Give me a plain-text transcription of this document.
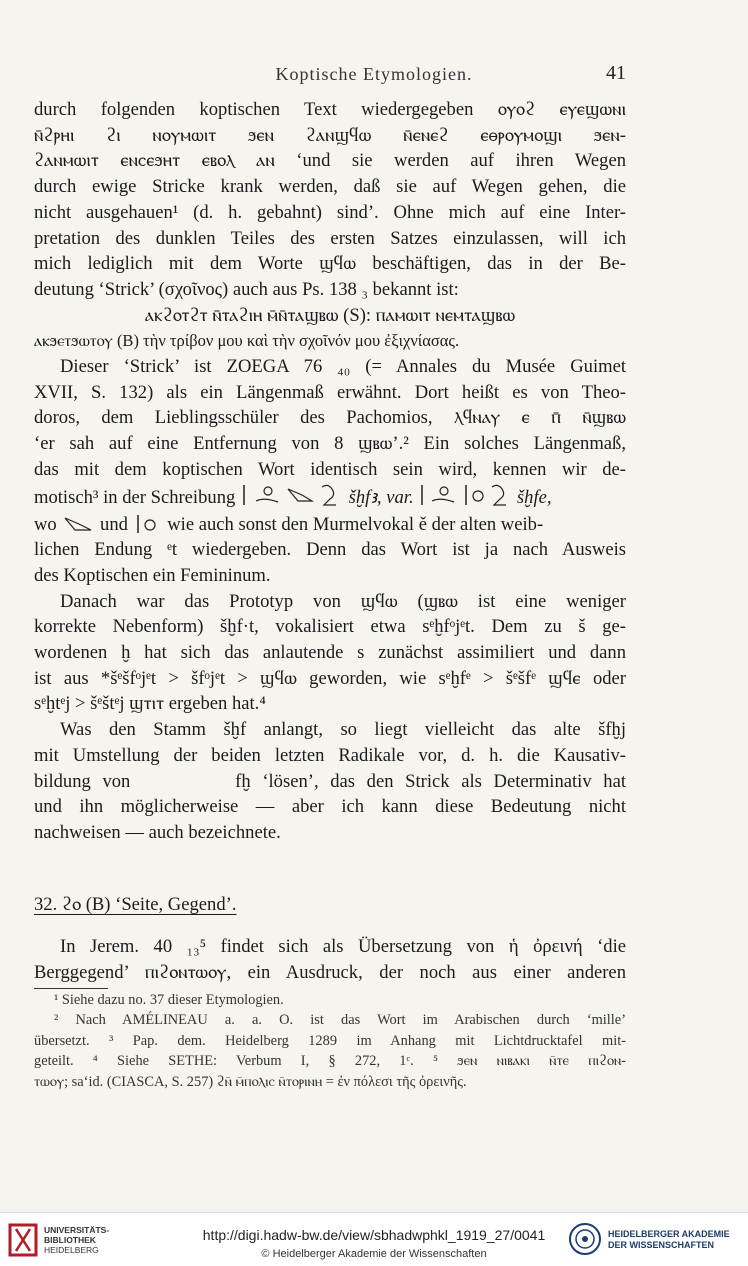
Koptische Etymologien.	41
durch folgenden koptischen Text wiedergegeben ⲟⲩⲟϩ ⲉⲩⲉϣⲱⲛⲓ
ⲛ̄ϩⲣⲏⲓ ϩⲓ ⲛⲟⲩⲙⲱⲓⲧ ϧⲉⲛ ϩⲁⲛϣϥⲱ ⲛ̄ⲉⲛⲉϩ ⲉⲑⲣⲟⲩⲙⲟϣⲓ ϧⲉⲛ-
ϩⲁⲛⲙⲱⲓⲧ ⲉⲛⲥⲉϧⲏⲧ ⲉⲃⲟⲗ ⲁⲛ ‘und sie werden auf ihren Wegen
durch ewige Stricke krank werden, daß sie auf Wegen gehen, die
nicht ausgehauen¹ (d. h. gebahnt) sind’. Ohne mich auf eine Inter-
pretation des dunklen Teiles des ersten Satzes einzulassen, will ich
mich lediglich mit dem Worte ϣϥⲱ beschäftigen, das in der Be-
deutung ‘Strick’ (σχοῖνος) auch aus Ps. 138 ₃ bekannt ist:
ⲁⲕϩⲟⲧϩⲧ ⲛ̄ⲧⲁϩⲓⲏ ⲙ̄ⲛ̄ⲧⲁϣⲃⲱ (S): ⲡⲁⲙⲱⲓⲧ ⲛⲉⲙⲧⲁϣⲃⲱ
ⲁⲕϧⲉⲧϧⲱⲧⲟⲩ (B) τὴν τρίβον μου καὶ τὴν σχοῖνόν μου ἐξιχνίασας.
Dieser ‘Strick’ ist ZOEGA 76 ₄₀ (= Annales du Musée Guimet
XVII, S. 132) als ein Längenmaß erwähnt. Dort heißt es von Theo-
doros, dem Lieblingsschüler des Pachomios, ⲗϥⲛⲁⲩ ⲉ ⲡ̄ ⲛ̄ϣⲃⲱ
‘er sah auf eine Entfernung von 8 ϣⲃⲱ’.² Ein solches Längenmaß,
das mit dem koptischen Wort identisch sein wird, kennen wir de-
motisch³ in der Schreibung	šḫfꜣ, var.	šḫfe,
wo und wie auch sonst den Murmelvokal ě der alten weib-
lichen Endung ᵉt wiedergeben. Denn das Wort ist ja nach Ausweis
des Koptischen ein Femininum.
Danach war das Prototyp von ϣϥⲱ (ϣⲃⲱ ist eine weniger
korrekte Nebenform) šḫf·t, vokalisiert etwa sᵉḫfᵒjᵉt. Dem zu š ge-
wordenen ḫ hat sich das anlautende s zunächst assimiliert und dann
ist aus *šᵉšfᵒjᵉt > šfᵒjᵉt > ϣϥⲱ geworden, wie sᵉḫfᵉ > šᵉšfᵉ ϣϥⲉ oder
sᵉḫtᵉj > šᵉštᵉj ϣⲧⲓⲧ ergeben hat.⁴
Was den Stamm šḫf anlangt, so liegt vielleicht das alte šfḫj
mit Umstellung der beiden letzten Radikale vor, d. h. die Kausativ-
bildung von         fḫ ‘lösen’, das den Strick als Determinativ hat
und ihn möglicherweise — aber ich kann diese Bedeutung nicht
nachweisen — auch bezeichnete.
32. ϩⲟ (B) ‘Seite, Gegend’.
In Jerem. 40 ₁₃⁵ findet sich als Übersetzung von ἡ ὀρεινή ‘die
Berggegend’ ⲡⲓϩⲟⲛⲧⲱⲟⲩ, ein Ausdruck, der noch aus einer anderen
¹ Siehe dazu no. 37 dieser Etymologien.
² Nach AMÉLINEAU a. a. O. ist das Wort im Arabischen durch ‘mille’
übersetzt. ³ Pap. dem. Heidelberg 1289 im Anhang mit Lichtdrucktafel mit-
geteilt. ⁴ Siehe SETHE: Verbum I, § 272, 1ᶜ. ⁵ ϧⲉⲛ ⲛⲓⲃⲁⲕⲓ ⲛ̄ⲧⲉ ⲡⲓϩⲟⲛ-
ⲧⲱⲟⲩ; sa‘id. (CIASCA, S. 257) ϩⲛ̄ ⲙ̄ⲡⲟⲗⲓⲥ ⲛ̄ⲧⲟⲣⲓⲛⲏ = ἐν πόλεσι τῆς ὀρεινῆς.
UNIVERSITÄTS-
BIBLIOTHEK
HEIDELBERG
http://digi.hadw-bw.de/view/sbhadwphkl_1919_27/0041
© Heidelberger Akademie der Wissenschaften
HEIDELBERGER AKADEMIE
DER WISSENSCHAFTEN
